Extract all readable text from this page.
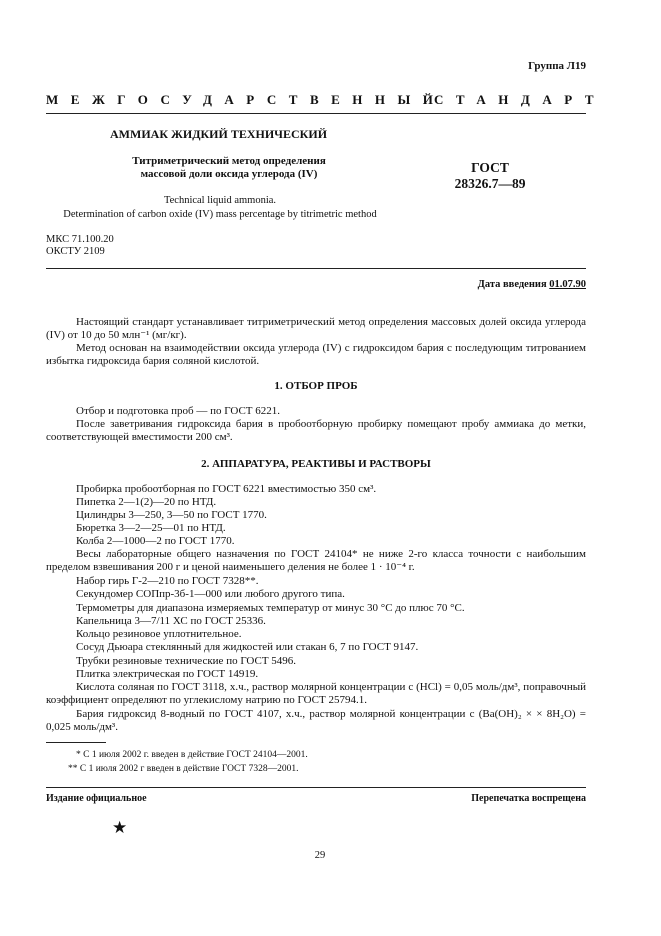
Группа Л19
МЕЖГОСУДАРСТВЕННЫЙ
СТАНДАРТ
АММИАК ЖИДКИЙ ТЕХНИЧЕСКИЙ
Титриметрический метод определения
массовой доли оксида углерода (IV)	ГОСТ
28326.7—89
Technical liquid ammonia.
Determination of carbon oxide (IV) mass percentage by titrimetric method
МКС 71.100.20
ОКСТУ 2109
Дата введения 01.07.90
Настоящий стандарт устанавливает титриметрический метод определения массовых долей оксида углерода (IV) от 10 до 50 млн⁻¹ (мг/кг).
Метод основан на взаимодействии оксида углерода (IV) с гидроксидом бария с последующим титрованием избытка гидроксида бария соляной кислотой.
1. ОТБОР ПРОБ
Отбор и подготовка проб — по ГОСТ 6221.
После заветривания гидроксида бария в пробоотборную пробирку помещают пробу аммиака до метки, соответствующей вместимости 200 см³.
2. АППАРАТУРА, РЕАКТИВЫ И РАСТВОРЫ
Пробирка пробоотборная по ГОСТ 6221 вместимостью 350 см³.
Пипетка 2—1(2)—20 по НТД.
Цилиндры 3—250, 3—50 по ГОСТ 1770.
Бюретка 3—2—25—01 по НТД.
Колба 2—1000—2 по ГОСТ 1770.
Весы лабораторные общего назначения по ГОСТ 24104* не ниже 2-го класса точности с наибольшим пределом взвешивания 200 г и ценой наименьшего деления не более 1 · 10⁻⁴ г.
Набор гирь Г-2—210 по ГОСТ 7328**.
Секундомер СОПпр-3б-1—000 или любого другого типа.
Термометры для диапазона измеряемых температур от минус 30 °С до плюс 70 °С.
Капельница 3—7/11 ХС по ГОСТ 25336.
Кольцо резиновое уплотнительное.
Сосуд Дьюара стеклянный для жидкостей или стакан 6, 7 по ГОСТ 9147.
Трубки резиновые технические по ГОСТ 5496.
Плитка электрическая по ГОСТ 14919.
Кислота соляная по ГОСТ 3118, х.ч., раствор молярной концентрации c (HCl) = 0,05 моль/дм³, поправочный коэффициент определяют по углекислому натрию по ГОСТ 25794.1.
Бария гидроксид 8-водный по ГОСТ 4107, х.ч., раствор молярной концентрации c (Ba(OH)₂ × × 8H₂O) = 0,025 моль/дм³.
* С 1 июля 2002 г. введен в действие ГОСТ 24104—2001.
** С 1 июля 2002 г введен в действие ГОСТ 7328—2001.
Издание официальное	Перепечатка воспрещена
★
29
